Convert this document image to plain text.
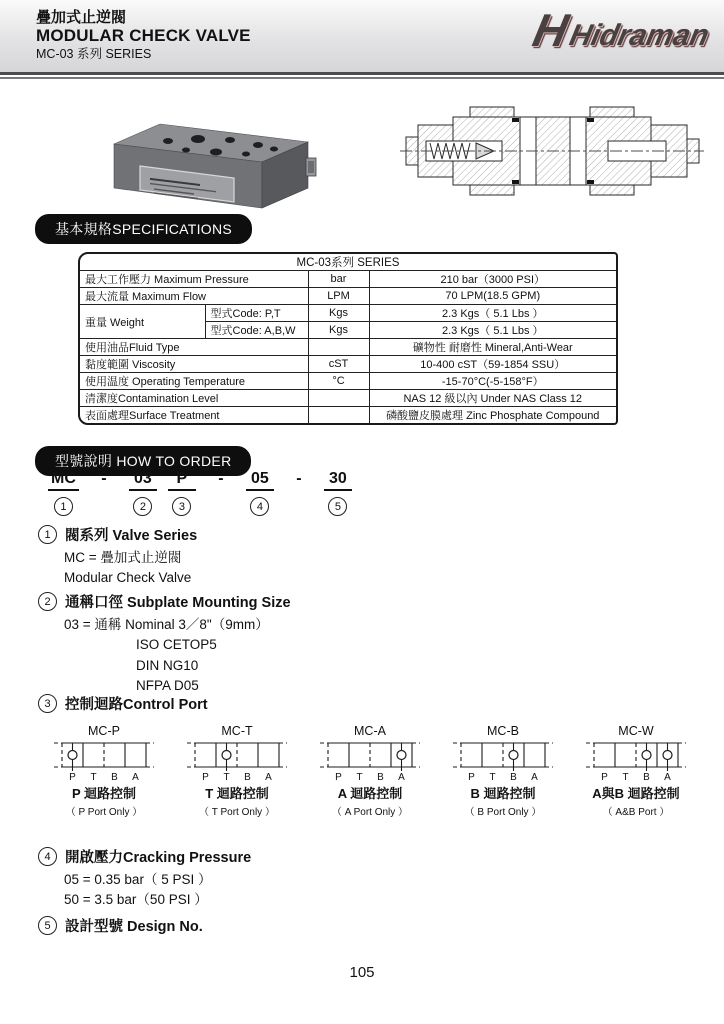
疊加式止逆閥
MODULAR CHECK VALVE
MC-03 系列 SERIES	H
Hidraman
基本規格SPECIFICATIONS
MC-03系列 SERIES			
最大工作壓力 Maximum Pressure		bar	210 bar（3000 PSI）
最大流量 Maximum Flow		LPM	70 LPM(18.5 GPM)
重量 Weight	型式Code: P,T	Kgs	2.3 Kgs（ 5.1 Lbs ）
	型式Code: A,B,W	Kgs	2.3 Kgs（ 5.1 Lbs ）
使用油品Fluid Type			礦物性 耐磨性 Mineral,Anti-Wear
黏度範圍 Viscosity		cST	10-400 cST（59-1854 SSU）
使用温度 Operating Temperature		°C	-15-70°C(-5-158°F）
清潔度Contamination Level			NAS 12 級以內 Under NAS Class 12
表面處理Surface Treatment			磷酸鹽皮膜處理 Zinc Phosphate Compound
型號說明 HOW TO ORDER
MC
1
-	03
2
P
3
-	05
4
-	30
5
1 閥系列 Valve Series
MC = 疊加式止逆閥
Modular Check Valve
2 通稱口徑 Subplate Mounting Size
03 = 通稱 Nominal 3／8"（9mm）
ISO CETOP5
DIN NG10
NFPA D05
3 控制迴路Control Port
MC-P
P T B A
P 迴路控制
（ P Port Only ）
MC-T
P T B A
T 迴路控制
（ T Port Only ）
MC-A
P T B A
A 迴路控制
（ A Port Only ）
MC-B
P T B A
B 迴路控制
（ B Port Only ）
MC-W
P T B A
A與B 迴路控制
（ A&B Port ）
4 開啟壓力Cracking Pressure
05 = 0.35 bar（ 5 PSI ）
50 = 3.5 bar（50 PSI ）
5 設計型號 Design No.
105
